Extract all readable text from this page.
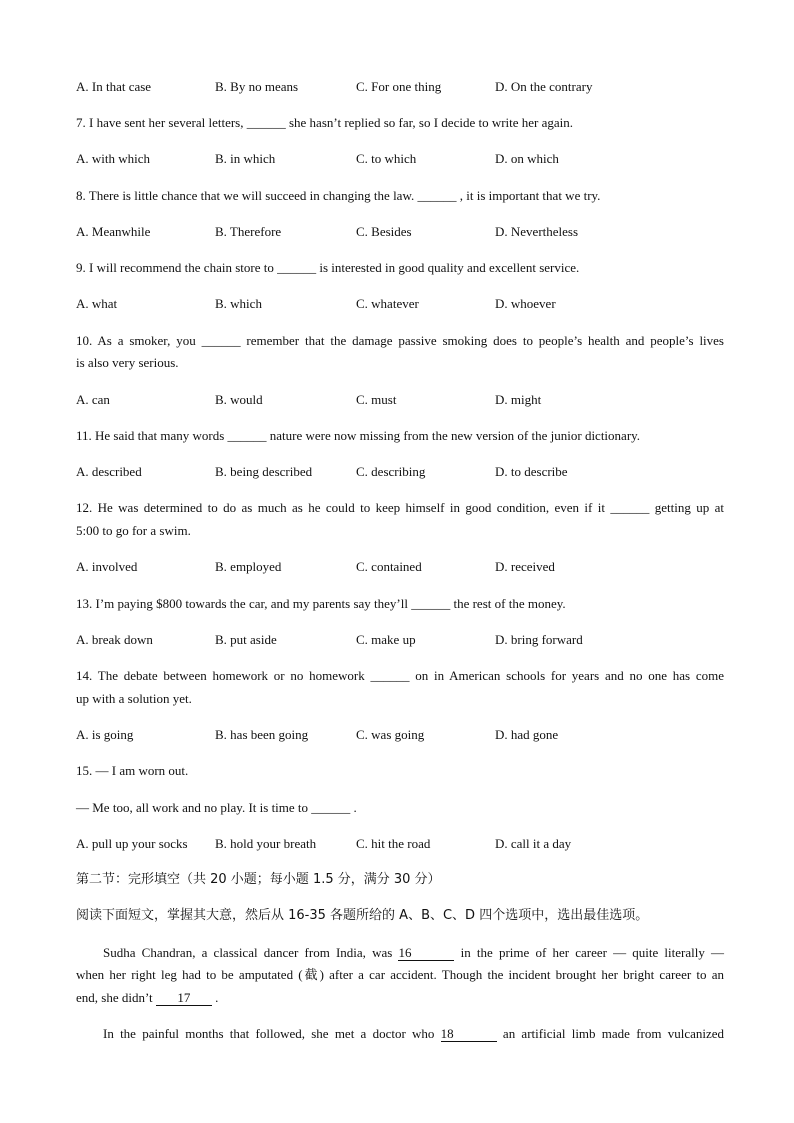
A. In that case	B. By no means	C. For one thing	D. On the contrary
7. I have sent her several letters, ______ she hasn’t replied so far, so I decide to write her again.
A. with which	B. in which	C. to which	D. on which
8. There is little chance that we will succeed in changing the law. ______ , it is important that we try.
A. Meanwhile	B. Therefore	C. Besides	D. Nevertheless
9. I will recommend the chain store to ______ is interested in good quality and excellent service.
A. what	B. which	C. whatever	D. whoever
10. As a smoker, you ______ remember that the damage passive smoking does to people’s health and people’s lives
is also very serious.
A. can	B. would	C. must	D. might
11. He said that many words ______ nature were now missing from the new version of the junior dictionary.
A. described	B. being described	C. describing	D. to describe
12. He was determined to do as much as he could to keep himself in good condition, even if it ______ getting up at
5:00 to go for a swim.
A. involved	B. employed	C. contained	D. received
13. I’m paying $800 towards the car, and my parents say they’ll ______ the rest of the money.
A. break down	B. put aside	C. make up	D. bring forward
14. The debate between homework or no homework ______ on in American schools for years and no one has come
up with a solution yet.
A. is going	B. has been going	C. was going	D. had gone
15. — I am worn out.
— Me too, all work and no play. It is time to ______ .
A. pull up your socks	B. hold your breath	C. hit the road	D. call it a day
第二节：完形填空（共 20 小题；每小题 1.5 分，满分 30 分）
阅读下面短文，掌握其大意，然后从 16-35 各题所给的 A、B、C、D 四个选项中，选出最佳选项。
Sudha Chandran, a classical dancer from India, was 16	in the prime of her career — quite literally —
when her right leg had to be amputated (截) after a car accident. Though the incident brought her bright career to an
end, she didn’t 17 .
In the painful months that followed, she met a doctor who 18	an artificial limb made from vulcanized
